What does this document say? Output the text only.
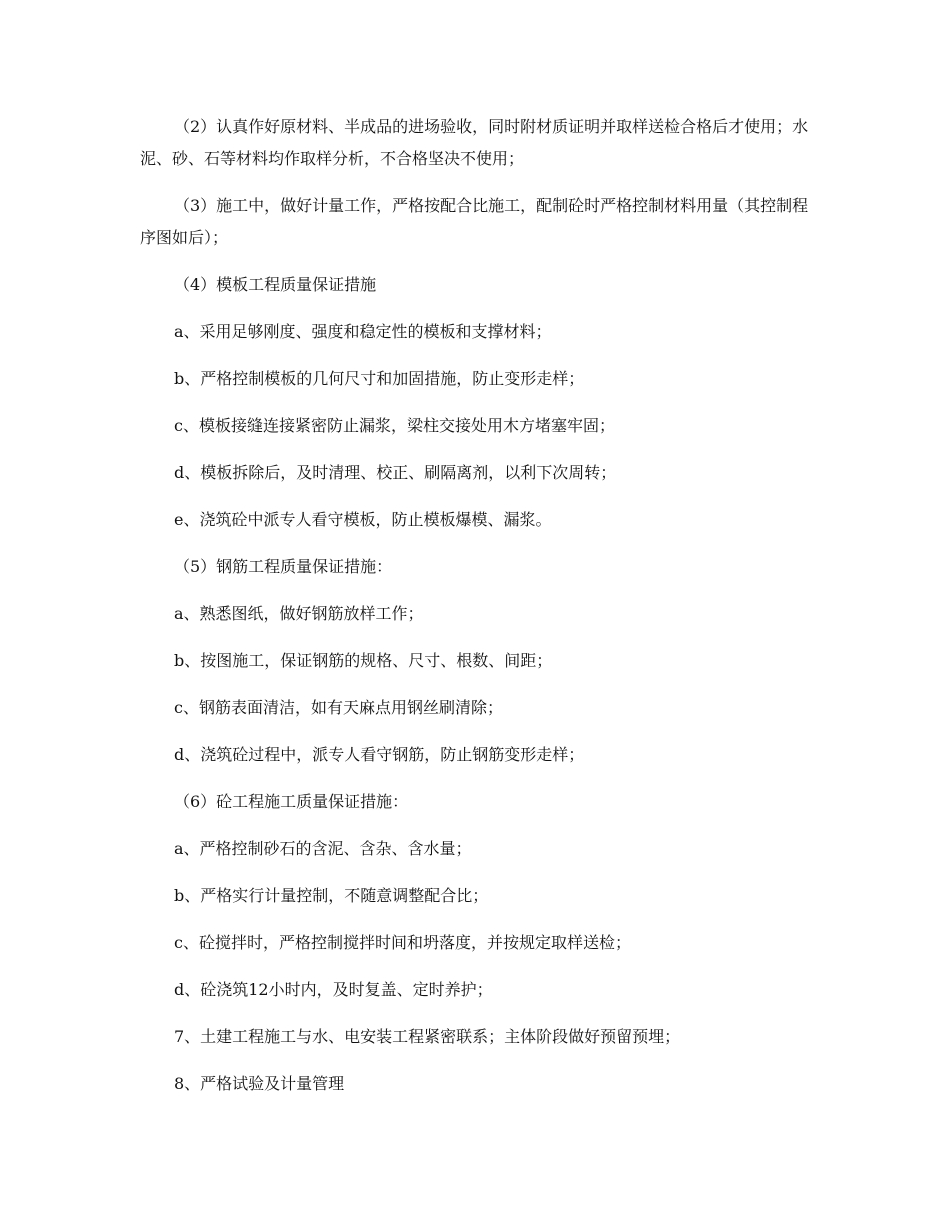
（2）认真作好原材料、半成品的进场验收，同时附材质证明并取样送检合格后才使用；水泥、砂、石等材料均作取样分析，不合格坚决不使用；

（3）施工中，做好计量工作，严格按配合比施工，配制砼时严格控制材料用量（其控制程序图如后）；

（4）模板工程质量保证措施
a、采用足够刚度、强度和稳定性的模板和支撑材料；
b、严格控制模板的几何尺寸和加固措施，防止变形走样；
c、模板接缝连接紧密防止漏浆，梁柱交接处用木方堵塞牢固；
d、模板拆除后，及时清理、校正、刷隔离剂，以利下次周转；
e、浇筑砼中派专人看守模板，防止模板爆模、漏浆。
（5）钢筋工程质量保证措施：
a、熟悉图纸，做好钢筋放样工作；
b、按图施工，保证钢筋的规格、尺寸、根数、间距；
c、钢筋表面清洁，如有天麻点用钢丝刷清除；
d、浇筑砼过程中，派专人看守钢筋，防止钢筋变形走样；
（6）砼工程施工质量保证措施：
a、严格控制砂石的含泥、含杂、含水量；
b、严格实行计量控制，不随意调整配合比；
c、砼搅拌时，严格控制搅拌时间和坍落度，并按规定取样送检；
d、砼浇筑12小时内，及时复盖、定时养护；
7、土建工程施工与水、电安装工程紧密联系；主体阶段做好预留预埋；
8、严格试验及计量管理
